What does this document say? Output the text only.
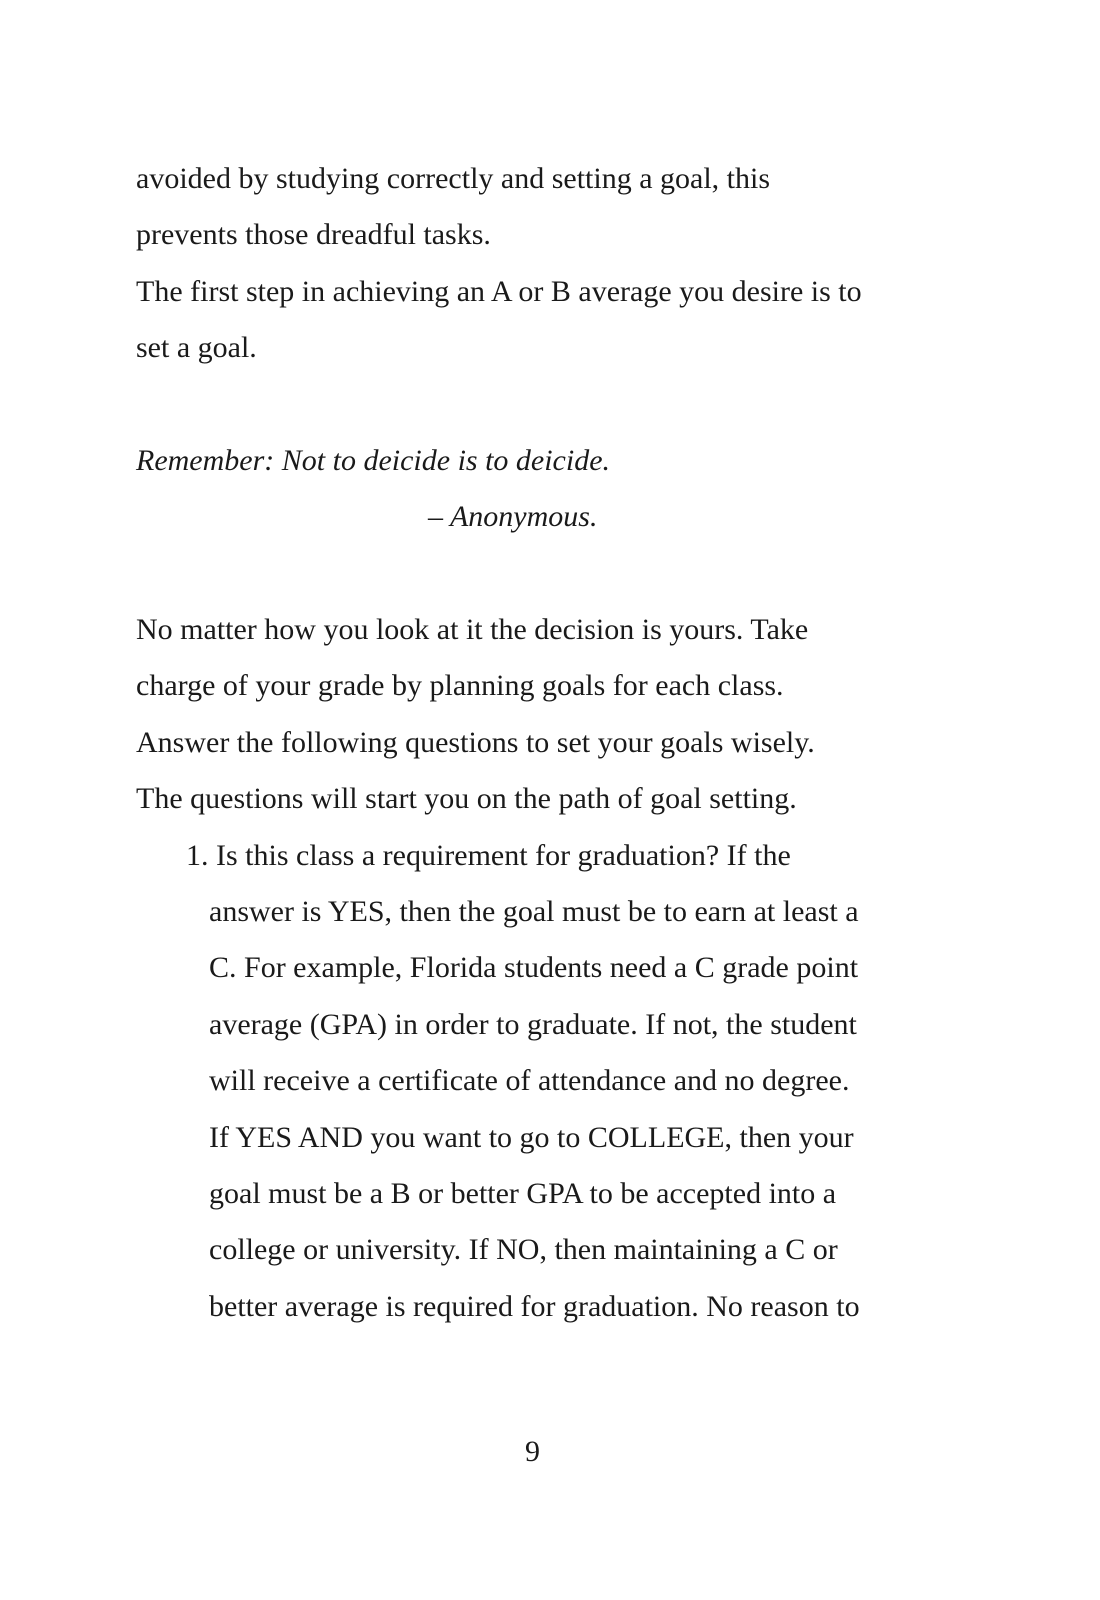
avoided by studying correctly and setting a goal, this
prevents those dreadful tasks.
The first step in achieving an A or B average you desire is to
set a goal.
Remember: Not to deicide is to deicide.
– Anonymous.
No matter how you look at it the decision is yours. Take
charge of your grade by planning goals for each class.
Answer the following questions to set your goals wisely.
The questions will start you on the path of goal setting.
1. Is this class a requirement for graduation? If the
answer is YES, then the goal must be to earn at least a
C. For example, Florida students need a C grade point
average (GPA) in order to graduate. If not, the student
will receive a certificate of attendance and no degree.
If YES AND you want to go to COLLEGE, then your
goal must be a B or better GPA to be accepted into a
college or university. If NO, then maintaining a C or
better average is required for graduation. No reason to
9
